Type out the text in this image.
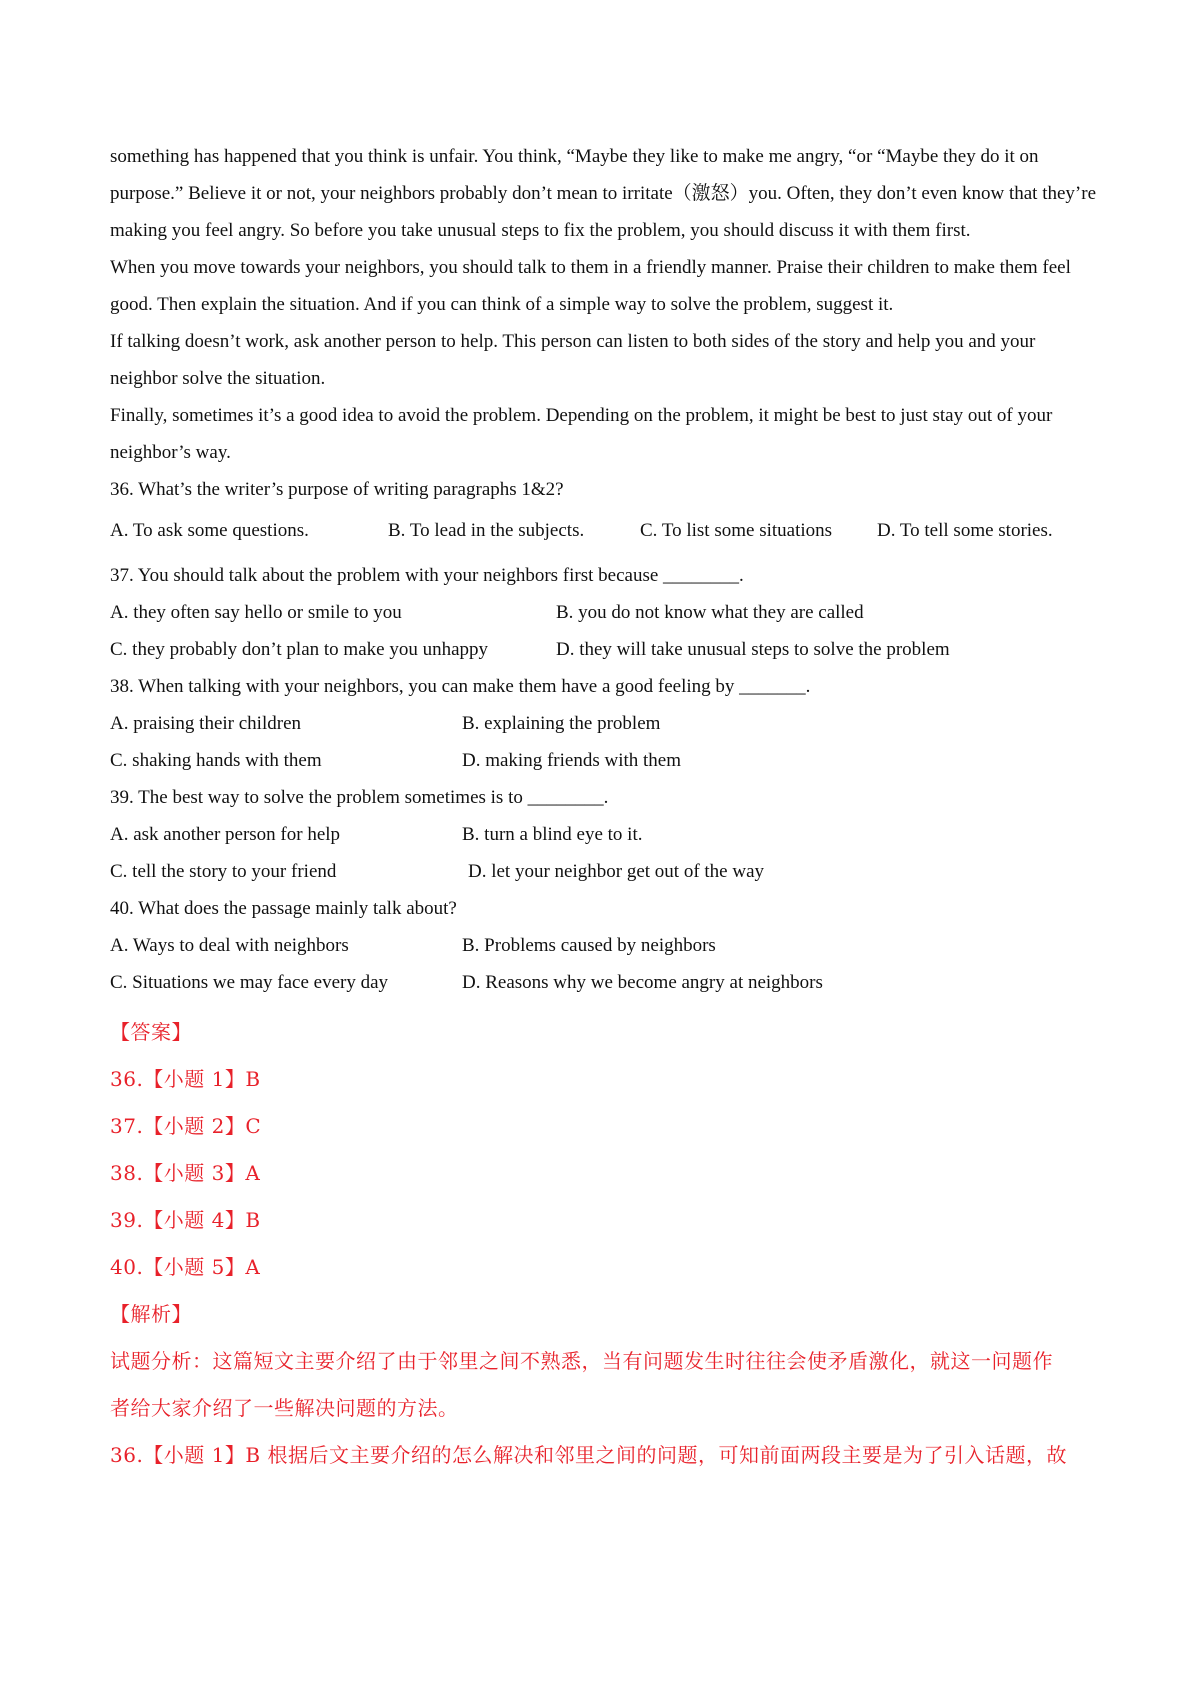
something has happened that you think is unfair. You think, “Maybe they like to make me angry, “or “Maybe they do it on purpose.” Believe it or not, your neighbors probably don’t mean to irritate（激怒）you. Often, they don’t even know that they’re making you feel angry. So before you take unusual steps to fix the problem, you should discuss it with them first.

When you move towards your neighbors, you should talk to them in a friendly manner. Praise their children to make them feel good. Then explain the situation. And if you can think of a simple way to solve the problem, suggest it.

If talking doesn’t work, ask another person to help. This person can listen to both sides of the story and help you and your neighbor solve the situation.

Finally, sometimes it’s a good idea to avoid the problem. Depending on the problem, it might be best to just stay out of your neighbor’s way.

36. What’s the writer’s purpose of writing paragraphs 1&2?

A. To ask some questions.	B. To lead in the subjects.	C. To list some situations	D. To tell some stories.

37. You should talk about the problem with your neighbors first because ________.

A. they often say hello or smile to you	B. you do not know what they are called
C. they probably don’t plan to make you unhappy	D. they will take unusual steps to solve the problem

38. When talking with your neighbors, you can make them have a good feeling by _______.

A. praising their children	B. explaining the problem
C. shaking hands with them	D. making friends with them

39. The best way to solve the problem sometimes is to ________.

A. ask another person for help	B. turn a blind eye to it.
C. tell the story to your friend	D. let your neighbor get out of the way

40. What does the passage mainly talk about?

A. Ways to deal with neighbors	B. Problems caused by neighbors
C. Situations we may face every day	D. Reasons why we become angry at neighbors

【答案】

36.【小题 1】B

37.【小题 2】C

38.【小题 3】A

39.【小题 4】B

40.【小题 5】A

【解析】

试题分析：这篇短文主要介绍了由于邻里之间不熟悉，当有问题发生时往往会使矛盾激化，就这一问题作

者给大家介绍了一些解决问题的方法。

36.【小题 1】B 根据后文主要介绍的怎么解决和邻里之间的问题，可知前面两段主要是为了引入话题，故
